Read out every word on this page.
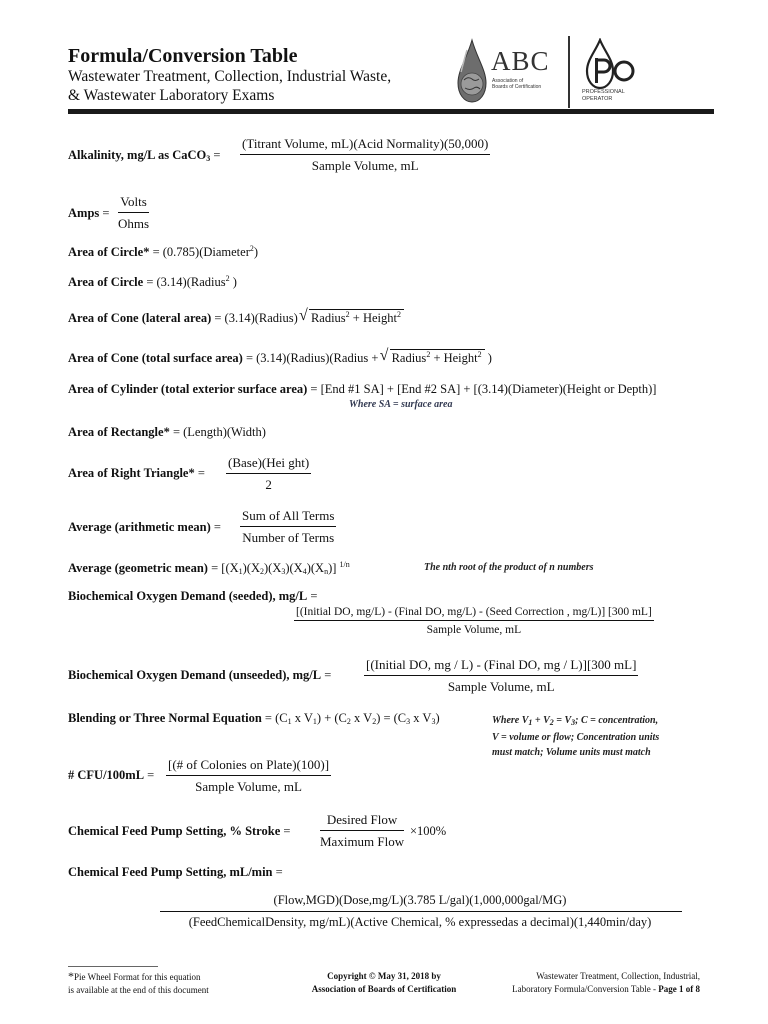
Formula/Conversion Table
Wastewater Treatment, Collection, Industrial Waste,
& Wastewater Laboratory Exams
ABC
Association of
Boards of Certification
PROFESSIONAL
OPERATOR
Alkalinity, mg/L as CaCO$_3$ =
(Titrant Volume, mL)(Acid Normality)(50,000)
Sample Volume, mL
Amps =
Volts
Ohms
Area of Circle* = (0.785)(Diameter$^2$)
Area of Circle = (3.14)(Radius$^2$ )
Area of Cone (lateral area) = (3.14)(Radius) √ Radius$^2$ + Height$^2$
Area of Cone (total surface area) = (3.14)(Radius)(Radius + √ Radius$^2$ + Height$^2$ )
Area of Cylinder (total exterior surface area) = [End #1 SA] + [End #2 SA] + [(3.14)(Diameter)(Height or Depth)]
Where SA = surface area
Area of Rectangle* = (Length)(Width)
Area of Right Triangle* =
(Base)(Hei ght)
2
Average (arithmetic mean) =
Sum of All Terms
Number of Terms
Average (geometric mean) = $[(X_1)(X_2)(X_3)(X_4)(X_n)]$ $^{1/n}$	The nth root of the product of n numbers
Biochemical Oxygen Demand (seeded), mg/L =
[(Initial DO, mg/L) - (Final DO, mg/L) - (Seed Correction , mg/L)] [300 mL]
Sample Volume, mL
Biochemical Oxygen Demand (unseeded), mg/L =
[(Initial DO, mg / L) - (Final DO, mg / L)][300 mL]
Sample Volume, mL
Blending or Three Normal Equation = ($C_1$ x $V_1) + (C_2$ x $V_2) = (C_3$ x $V_3$)	Where $V_1 + V_2 = V_3$; C = concentration,
V = volume or flow; Concentration units
must match; Volume units must match
# CFU/100mL =
[(# of Colonies on Plate)(100)]
Sample Volume, mL
Chemical Feed Pump Setting, % Stroke =
Desired Flow
Maximum Flow
×100%
Chemical Feed Pump Setting, mL/min =
(Flow,MGD)(Dose,mg/L)(3.785 L/gal)(1,000,000gal/MG)
(FeedChemicalDensity, mg/mL)(Active Chemical, % expressedas a decimal)(1,440min/day)
*Pie Wheel Format for this equation
is available at the end of this document
Copyright © May 31, 2018 by
Association of Boards of Certification
Wastewater Treatment, Collection, Industrial,
Laboratory Formula/Conversion Table - Page 1 of 8
